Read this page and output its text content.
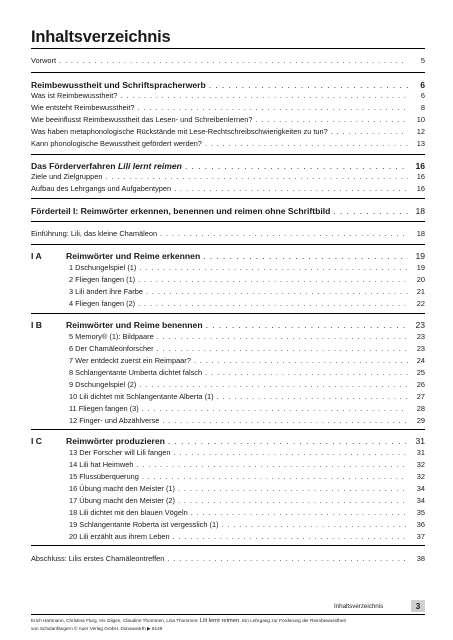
Inhaltsverzeichnis
Vorwort . . .	5
Reimbewusstheit und Schriftspracherwerb . . .	6
Was ist Reimbewusstheit? . . .	6
Wie entsteht Reimbewusstheit? . . .	8
Wie beeinflusst Reimbewusstheit das Lesen- und Schreibenlernen? . . .	10
Was haben metaphonologische Rückstände mit Lese-Rechtschreibschwierigkeiten zu tun? . . .	12
Kann phonologische Bewusstheit gefördert werden? . . .	13
Das Förderverfahren Lili lernt reimen . . .	16
Ziele und Zielgruppen . . .	16
Aufbau des Lehrgangs und Aufgabentypen . . .	16
Förderteil I: Reimwörter erkennen, benennen und reimen ohne Schriftbild . . .	18
Einführung: Lili, das kleine Chamäleon . . .	18
I A	Reimwörter und Reime erkennen . . .	19
1 Dschungelspiel (1) . . .	19
2 Fliegen fangen (1) . . .	20
3 Lili ändert ihre Farbe . . .	21
4 Fliegen fangen (2) . . .	22
I B	Reimwörter und Reime benennen . . .	23
5 Memory® (1): Bildpaare . . .	23
6 Der Chamäleonforscher . . .	23
7 Wer entdeckt zuerst ein Reimpaar? . . .	24
8 Schlangentante Umberta dichtet falsch . . .	25
9 Dschungelspiel (2) . . .	26
10 Lili dichtet mit Schlangentante Alberta (1) . . .	27
11 Fliegen fangen (3) . . .	28
12 Finger- und Abzählverse . . .	29
I C	Reimwörter produzieren . . .	31
13 Der Forscher will Lili fangen . . .	31
14 Lili hat Heimweh . . .	32
15 Flussüberquerung . . .	32
16 Übung macht den Meister (1) . . .	34
17 Übung macht den Meister (2) . . .	34
18 Lili dichtet mit den blauen Vögeln . . .	35
19 Schlangentante Roberta ist vergesslich (1) . . .	36
20 Lili erzählt aus ihrem Leben . . .	37
Abschluss: Lilis erstes Chamäleontreffen . . .	38
Inhaltsverzeichnis	3
Erich Hartmann, Christina Flurg, Iris Gilgen, Claudine Thommen, Lisa Thommen: Lili lernt reimen. Ein Lehrgang zur Förderung der Reimbewusstheit
von Schulanfängern © Auer Verlag GmbH, Donauwörth ▶ 6149
